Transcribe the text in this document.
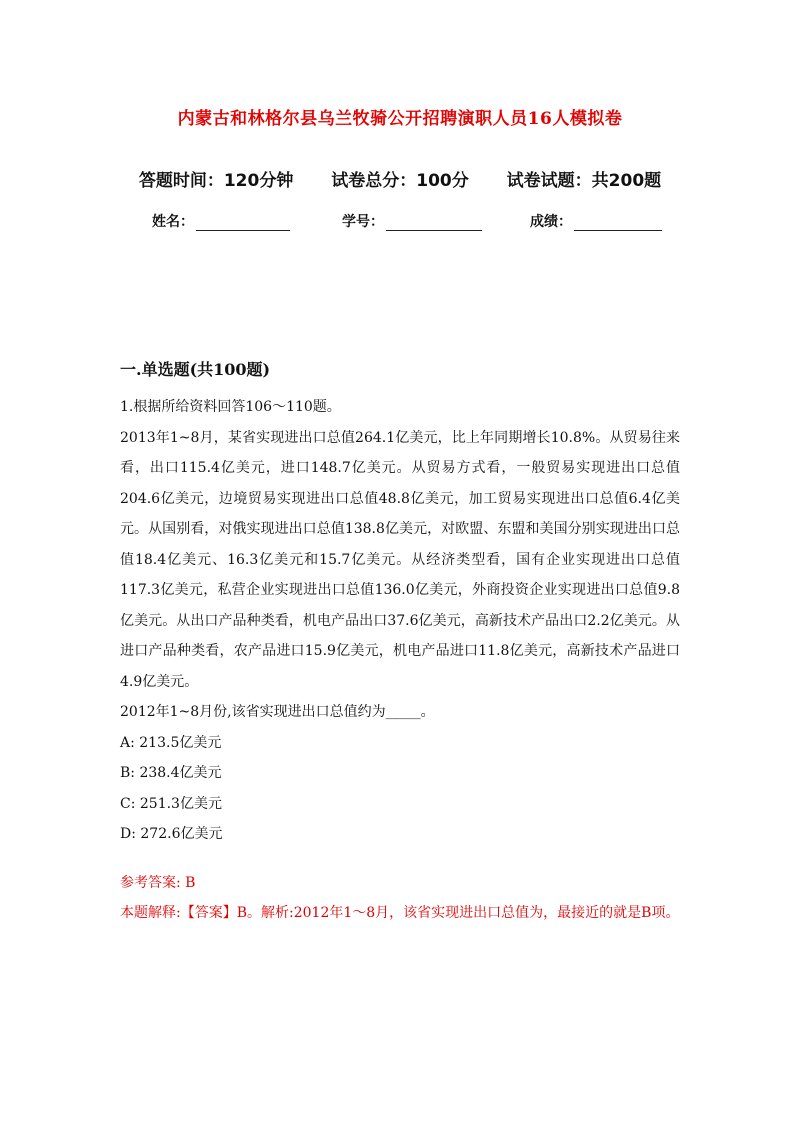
内蒙古和林格尔县乌兰牧骑公开招聘演职人员16人模拟卷
答题时间：120分钟 试卷总分：100分 试卷试题：共200题
姓名：	学号：	成绩：
一.单选题(共100题)

1.根据所给资料回答106～110题。

2013年1~8月，某省实现进出口总值264.1亿美元，比上年同期增长10.8%。从贸易往来看，出口115.4亿美元，进口148.7亿美元。从贸易方式看，一般贸易实现进出口总值204.6亿美元，边境贸易实现进出口总值48.8亿美元，加工贸易实现进出口总值6.4亿美元。从国别看，对俄实现进出口总值138.8亿美元，对欧盟、东盟和美国分别实现进出口总值18.4亿美元、16.3亿美元和15.7亿美元。从经济类型看，国有企业实现进出口总值117.3亿美元，私营企业实现进出口总值136.0亿美元，外商投资企业实现进出口总值9.8亿美元。从出口产品种类看，机电产品出口37.6亿美元，高新技术产品出口2.2亿美元。从进口产品种类看，农产品进口15.9亿美元，机电产品进口11.8亿美元，高新技术产品进口4.9亿美元。

2012年1~8月份,该省实现进出口总值约为_____。

A: 213.5亿美元

B: 238.4亿美元

C: 251.3亿美元

D: 272.6亿美元

参考答案: B

本题解释:【答案】B。解析:2012年1～8月，该省实现进出口总值为，最接近的就是B项。
